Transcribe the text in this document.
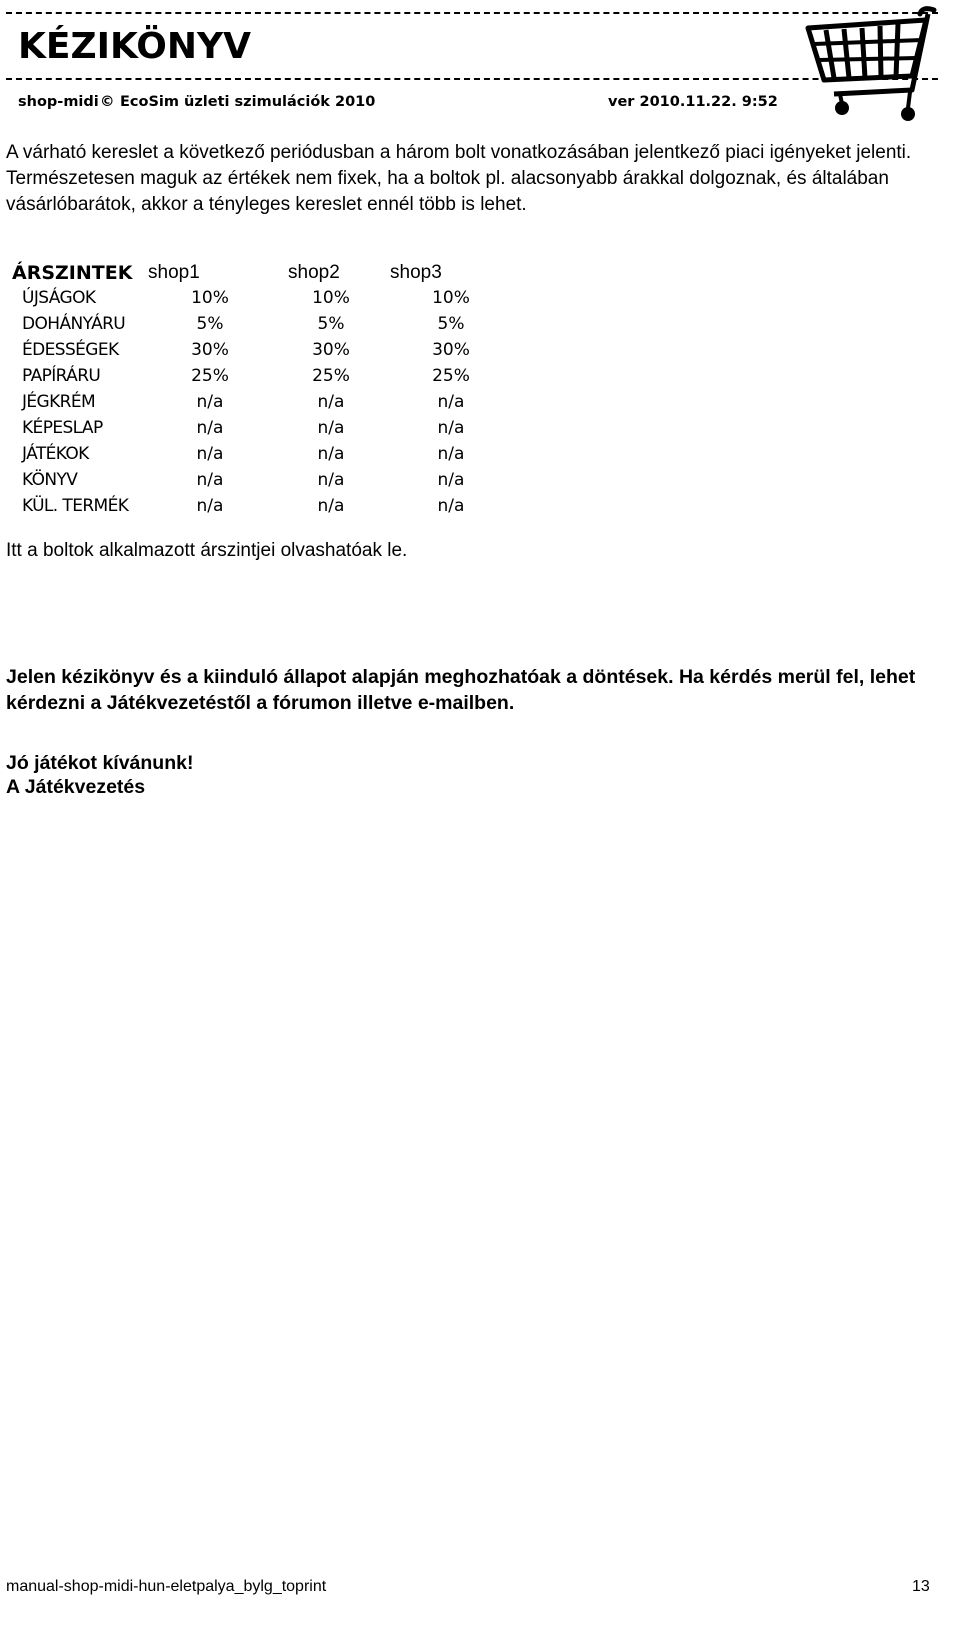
KÉZIKÖNYV
shop-midi © EcoSim üzleti szimulációk 2010	ver 2010.11.22. 9:52
A várható kereslet a következő periódusban a három bolt vonatkozásában jelentkező piaci igényeket jelenti. Természetesen maguk az értékek nem fixek, ha a boltok pl. alacsonyabb árakkal dolgoznak, és általában vásárlóbarátok, akkor a tényleges kereslet ennél több is lehet.
ÁRSZINTEK shop1	shop2	shop3
ÚJSÁGOK	10%	10%	10%
DOHÁNYÁRU	5%	5%	5%
ÉDESSÉGEK	30%	30%	30%
PAPÍRÁRU	25%	25%	25%
JÉGKRÉM	n/a	n/a	n/a
KÉPESLAP	n/a	n/a	n/a
JÁTÉKOK	n/a	n/a	n/a
KÖNYV	n/a	n/a	n/a
KÜL. TERMÉK	n/a	n/a	n/a
Itt a boltok alkalmazott árszintjei olvashatóak le.
Jelen kézikönyv és a kiinduló állapot alapján meghozhatóak a döntések. Ha kérdés merül fel, lehet kérdezni a Játékvezetéstől a fórumon illetve e-mailben.
Jó játékot kívánunk!
A Játékvezetés
manual-shop-midi-hun-eletpalya_bylg_toprint	13
